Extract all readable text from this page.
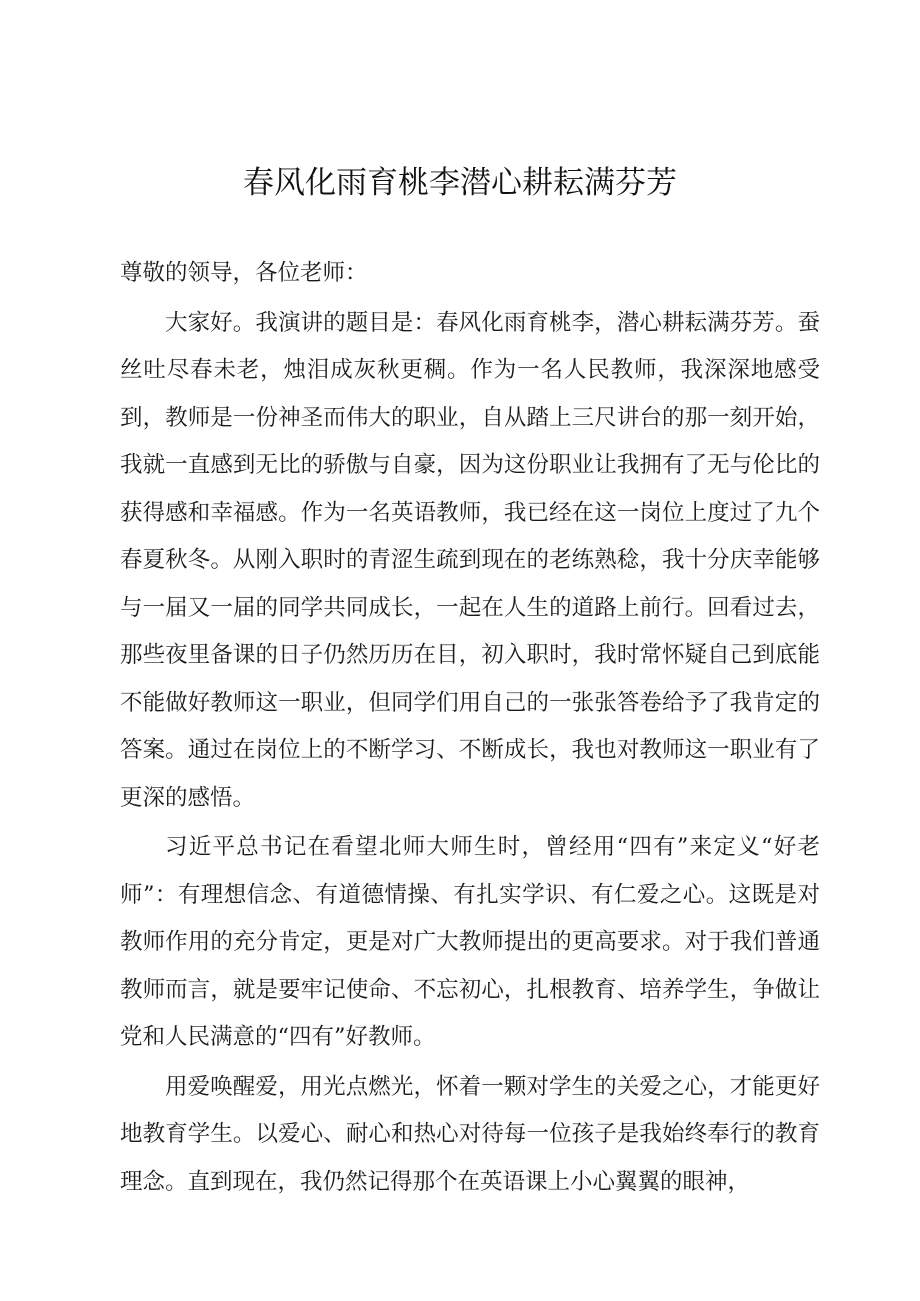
春风化雨育桃李潜心耕耘满芬芳

尊敬的领导，各位老师：

大家好。我演讲的题目是：春风化雨育桃李，潜心耕耘满芬芳。蚕丝吐尽春未老，烛泪成灰秋更稠。作为一名人民教师，我深深地感受到，教师是一份神圣而伟大的职业，自从踏上三尺讲台的那一刻开始，我就一直感到无比的骄傲与自豪，因为这份职业让我拥有了无与伦比的获得感和幸福感。作为一名英语教师，我已经在这一岗位上度过了九个春夏秋冬。从刚入职时的青涩生疏到现在的老练熟稔，我十分庆幸能够与一届又一届的同学共同成长，一起在人生的道路上前行。回看过去，那些夜里备课的日子仍然历历在目，初入职时，我时常怀疑自己到底能不能做好教师这一职业，但同学们用自己的一张张答卷给予了我肯定的答案。通过在岗位上的不断学习、不断成长，我也对教师这一职业有了更深的感悟。

习近平总书记在看望北师大师生时，曾经用“四有”来定义“好老师”：有理想信念、有道德情操、有扎实学识、有仁爱之心。这既是对教师作用的充分肯定，更是对广大教师提出的更高要求。对于我们普通教师而言，就是要牢记使命、不忘初心，扎根教育、培养学生，争做让党和人民满意的“四有”好教师。

用爱唤醒爱，用光点燃光，怀着一颗对学生的关爱之心，才能更好地教育学生。以爱心、耐心和热心对待每一位孩子是我始终奉行的教育理念。直到现在，我仍然记得那个在英语课上小心翼翼的眼神，
